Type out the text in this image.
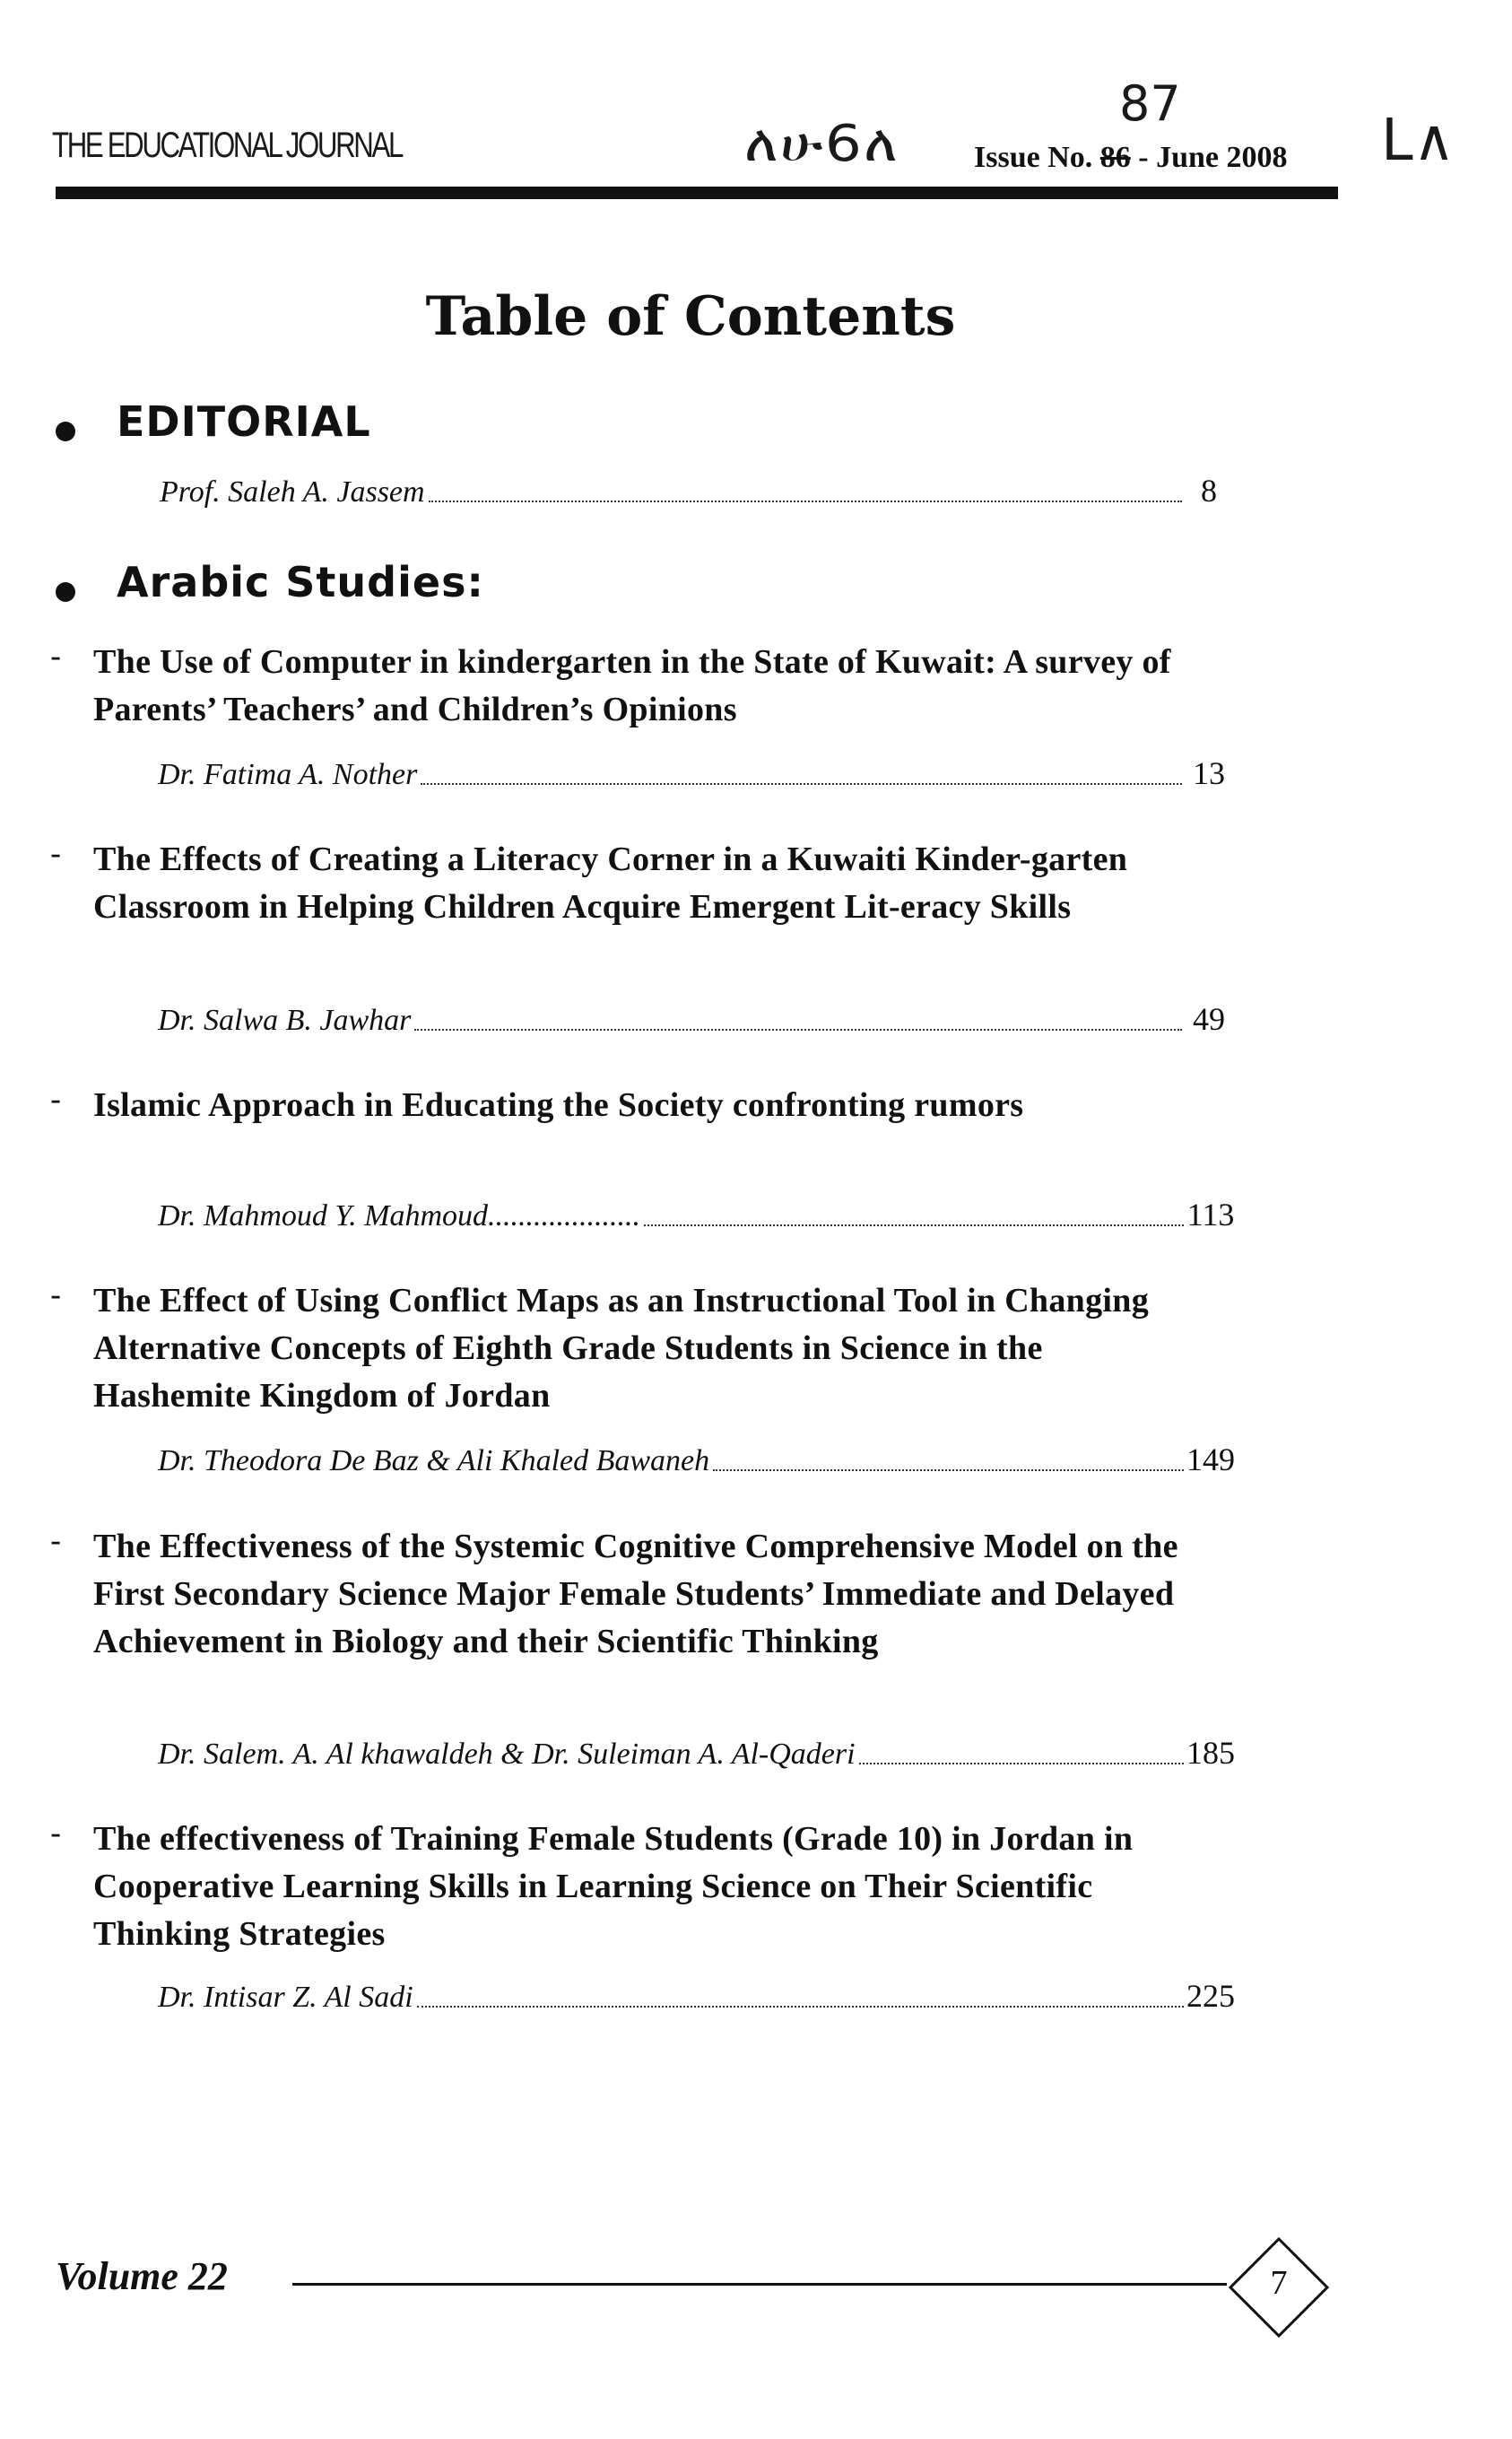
THE EDUCATIONAL JOURNAL	ለሁ6ለ
87
Issue No. 86 - June 2008 ᒪ∧
Table of Contents
EDITORIAL
Prof. Saleh A. Jassem	8
Arabic Studies:
- The Use of Computer in kindergarten in the State of Kuwait: A survey of Parents’ Teachers’ and Children’s Opinions
Dr. Fatima A. Nother	13
- The Effects of Creating a Literacy Corner in a Kuwaiti Kinder-garten Classroom in Helping Children Acquire Emergent Lit-eracy Skills
Dr. Salwa B. Jawhar	49
- Islamic Approach in Educating the Society confronting rumors
Dr. Mahmoud Y. Mahmoud....................	113
- The Effect of Using Conflict Maps as an Instructional Tool in Changing Alternative Concepts of Eighth Grade Students in Science in the Hashemite Kingdom of Jordan
Dr. Theodora De Baz & Ali Khaled Bawaneh	149
- The Effectiveness of the Systemic Cognitive Comprehensive Model on the First Secondary Science Major Female Students’ Immediate and Delayed Achievement in Biology and their Scientific Thinking
Dr. Salem. A. Al khawaldeh & Dr. Suleiman A. Al-Qaderi	185
- The effectiveness of Training Female Students (Grade 10) in Jordan in Cooperative Learning Skills in Learning Science on Their Scientific Thinking Strategies
Dr. Intisar Z. Al Sadi	225
Volume 22	7
